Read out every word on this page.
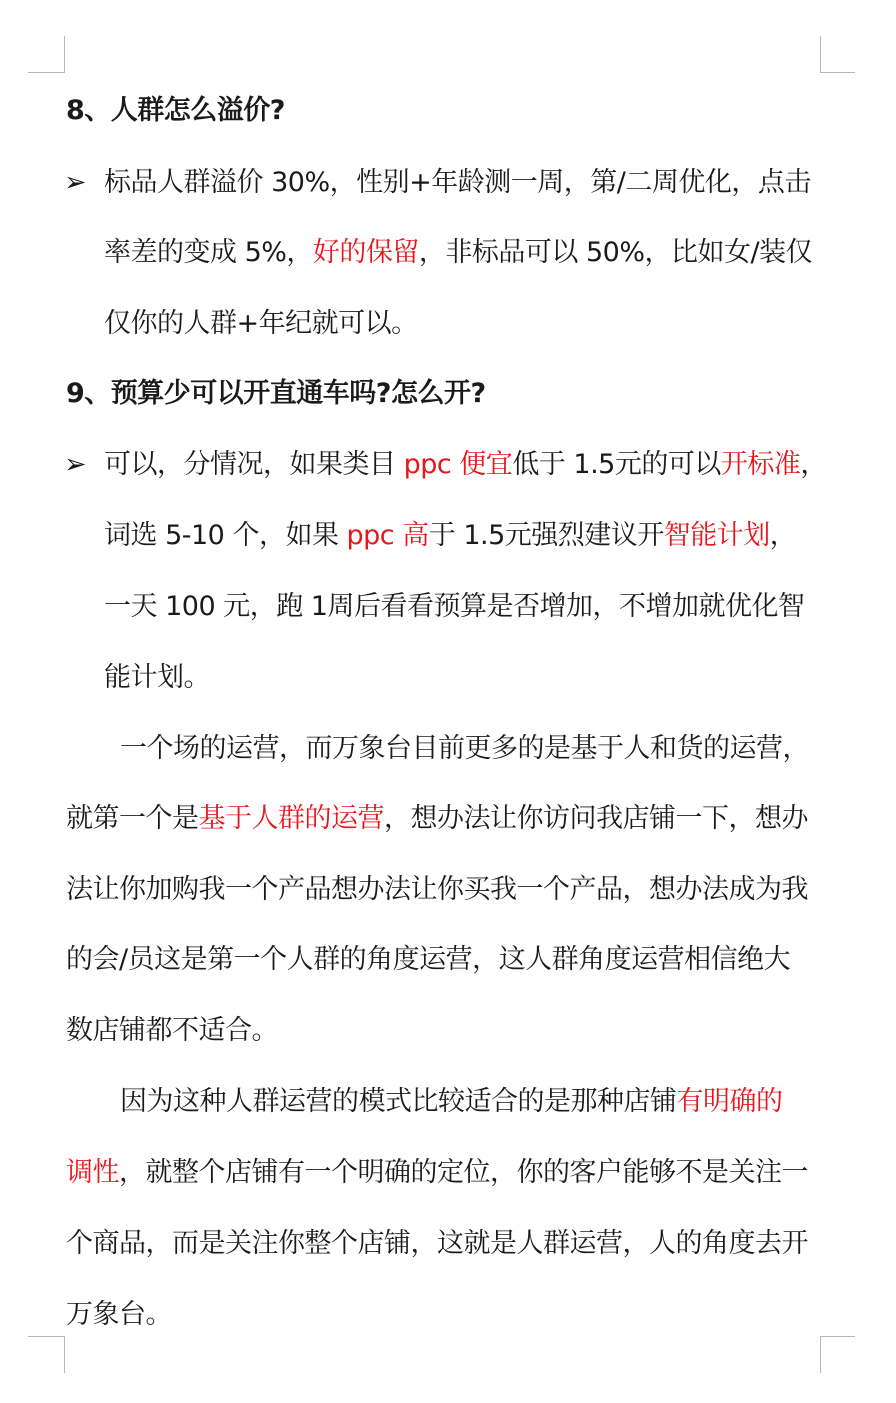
8、人群怎么溢价?
➢ 标品人群溢价 30%，性别+年龄测一周，第/二周优化，点击
率差的变成 5%，好的保留，非标品可以 50%，比如女/装仅
仅你的人群+年纪就可以。
9、预算少可以开直通车吗?怎么开?
➢ 可以，分情况，如果类目 ppc 便宜低于 1.5元的可以开标准，
词选 5-10 个，如果 ppc 高于 1.5元强烈建议开智能计划，
一天 100 元，跑 1周后看看预算是否增加，不增加就优化智
能计划。
一个场的运营，而万象台目前更多的是基于人和货的运营，
就第一个是基于人群的运营，想办法让你访问我店铺一下，想办
法让你加购我一个产品想办法让你买我一个产品，想办法成为我
的会/员这是第一个人群的角度运营，这人群角度运营相信绝大
数店铺都不适合。
因为这种人群运营的模式比较适合的是那种店铺有明确的
调性，就整个店铺有一个明确的定位，你的客户能够不是关注一
个商品，而是关注你整个店铺，这就是人群运营，人的角度去开
万象台。
